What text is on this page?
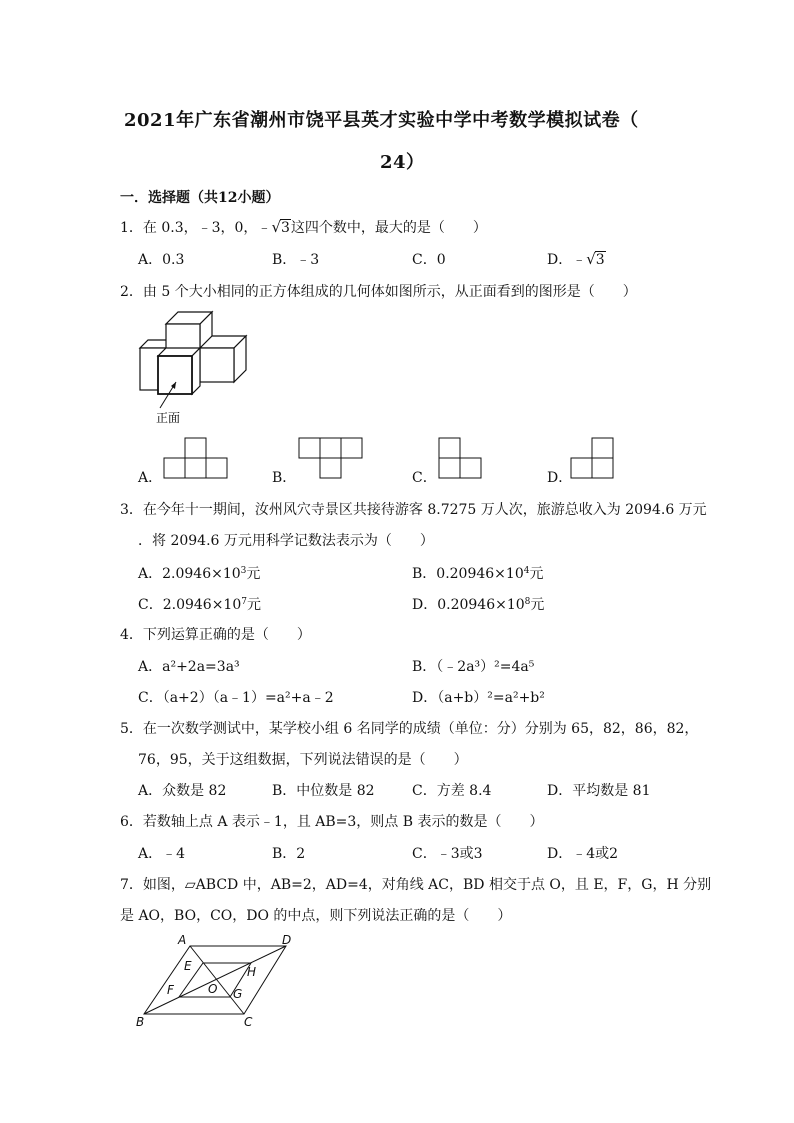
2021年广东省潮州市饶平县英才实验中学中考数学模拟试卷（
24）
一．选择题（共12小题）
1．在 0.3，﹣3，0，﹣√3这四个数中，最大的是（　　）
A．0.3	B．﹣3	C．0	D．﹣√3
2．由 5 个大小相同的正方体组成的几何体如图所示，从正面看到的图形是（　　）
正面
A．	B．	C．	D．
3．在今年十一期间，汝州风穴寺景区共接待游客 8.7275 万人次，旅游总收入为 2094.6 万元
．将 2094.6 万元用科学记数法表示为（　　）
A．$2.0946\times 10^3$元	B．$0.20946\times 10^4$元
C．$2.0946\times 10^7$元	D．$0.20946\times 10^8$元
4．下列运算正确的是（　　）
A．a²+2a=3a³	B．（﹣2a³）²=4a⁵
C．（a+2）（a﹣1）=a²+a﹣2	D．（a+b）²=a²+b²
5．在一次数学测试中，某学校小组 6 名同学的成绩（单位：分）分别为 65，82，86，82，
76，95，关于这组数据，下列说法错误的是（　　）
A．众数是 82	B．中位数是 82	C．方差 8.4	D．平均数是 81
6．若数轴上点 A 表示﹣1，且 AB=3，则点 B 表示的数是（　　）
A．﹣4	B．2	C．﹣3或3	D．﹣4或2
7．如图，▱ABCD 中，AB=2，AD=4，对角线 AC，BD 相交于点 O，且 E，F，G，H 分别
是 AO，BO，CO，DO 的中点，则下列说法正确的是（　　）
A	D
B	C
E	H
F	G
O
